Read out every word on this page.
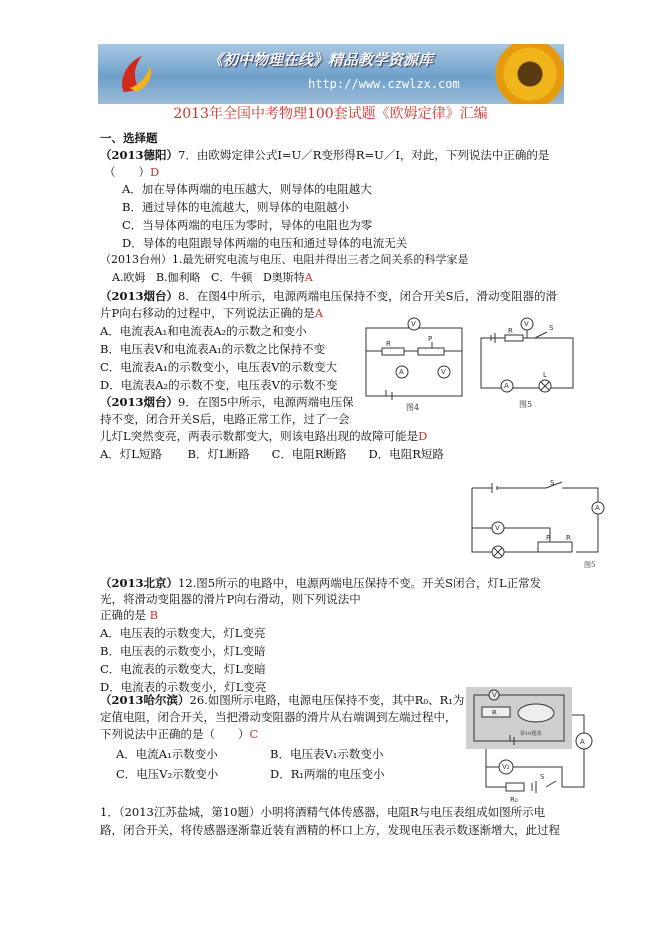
《初中物理在线》精品教学资源库
http://www.czwlzx.com
2013年全国中考物理100套试题《欧姆定律》汇编
一、选择题
（2013德阳）7．由欧姆定律公式I=U／R变形得R=U／I，对此，下列说法中正确的是
（　　）D
A．加在导体两端的电压越大，则导体的电阻越大
B．通过导体的电流越大，则导体的电阻越小
C．当导体两端的电压为零时，导体的电阻也为零
D．导体的电阻跟导体两端的电压和通过导体的电流无关
（2013台州）1.最先研究电流与电压、电阻并得出三者之间关系的科学家是
A.欧姆 B.伽利略 C．牛顿 D奥斯特A
（2013烟台）8．在图4中所示，电源两端电压保持不变，闭合开关S后，滑动变阻器的滑
片P向右移动的过程中，下列说法正确的是A
A．电流表A₁和电流表A₂的示数之和变小
B．电压表V和电流表A₁的示数之比保持不变
C．电流表A₁的示数变小，电压表V的示数变大
D．电流表A₂的示数不变，电压表V的示数不变
V
A	V
R
P
图4
V
A
R	S
L
图5
（2013烟台）9．在图5中所示，电源两端电压保
持不变，闭合开关S后，电路正常工作，过了一会
儿灯L突然变亮，两表示数都变大，则该电路出现的故障可能是D
A．灯L短路 B．灯L断路 C．电阻R断路 D．电阻R短路
S
A
V
P R
图5
（2013北京）12.图5所示的电路中，电源两端电压保持不变。开关S闭合，灯L正常发
光，将滑动变阻器的滑片P向右滑动，则下列说法中
正确的是 B
A．电压表的示数变大，灯L变亮
B．电压表的示数变小，灯L变暗
C．电流表的示数变大，灯L变暗
D．电流表的示数变小，灯L变亮
V
R
A
V₂
R₀
S
第10题图
（2013哈尔滨）26.如图所示电路，电源电压保持不变，其中R₀、R₁为
定值电阻，闭合开关，当把滑动变阻器的滑片从右端调到左端过程中，
下列说法中正确的是（　　）C
A．电流A₁示数变小	B．电压表V₁示数变小
C．电压V₂示数变小	D．R₁两端的电压变小
1．（2013江苏盐城，第10题）小明将酒精气体传感器，电阻R与电压表组成如图所示电
路，闭合开关，将传感器逐渐靠近装有酒精的杯口上方，发现电压表示数逐渐增大，此过程
